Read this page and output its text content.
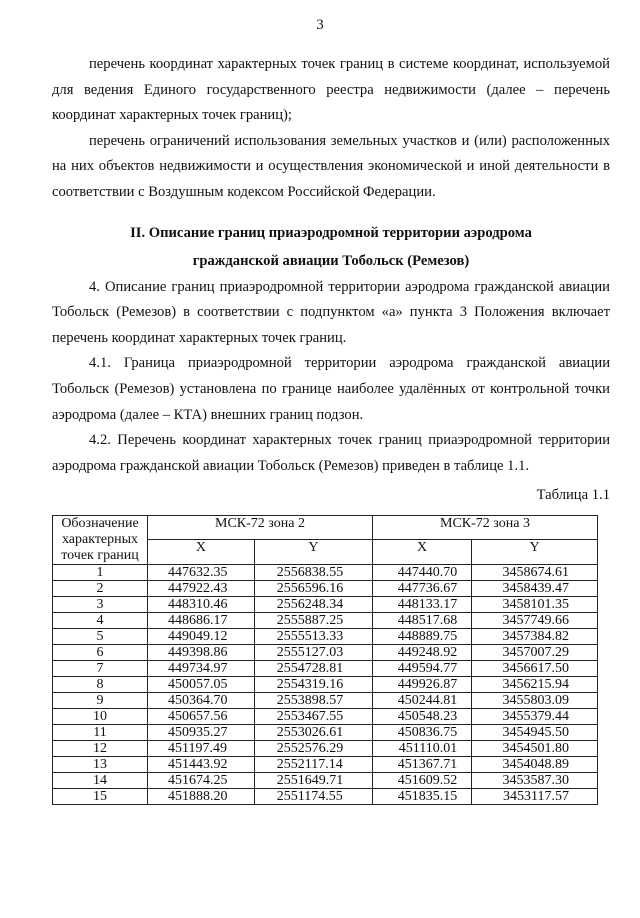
3

перечень координат характерных точек границ в системе координат, используемой для ведения Единого государственного реестра недвижимости (далее – перечень координат характерных точек границ);

перечень ограничений использования земельных участков и (или) расположенных на них объектов недвижимости и осуществления экономической и иной деятельности в соответствии с Воздушным кодексом Российской Федерации.

II. Описание границ приаэродромной территории аэродрома
гражданской авиации Тобольск (Ремезов)

4. Описание границ приаэродромной территории аэродрома гражданской авиации Тобольск (Ремезов) в соответствии с подпунктом «а» пункта 3 Положения включает перечень координат характерных точек границ.

4.1. Граница приаэродромной территории аэродрома гражданской авиации Тобольск (Ремезов) установлена по границе наиболее удалённых от контрольной точки аэродрома (далее – КТА) внешних границ подзон.

4.2. Перечень координат характерных точек границ приаэродромной территории аэродрома гражданской авиации Тобольск (Ремезов) приведен в таблице 1.1.

Таблица 1.1
Обозначение характерных точек границ	МСК-72 зона 2		МСК-72 зона 3	
	X	Y	X	Y
1	447632.35	2556838.55	447440.70	3458674.61
2	447922.43	2556596.16	447736.67	3458439.47
3	448310.46	2556248.34	448133.17	3458101.35
4	448686.17	2555887.25	448517.68	3457749.66
5	449049.12	2555513.33	448889.75	3457384.82
6	449398.86	2555127.03	449248.92	3457007.29
7	449734.97	2554728.81	449594.77	3456617.50
8	450057.05	2554319.16	449926.87	3456215.94
9	450364.70	2553898.57	450244.81	3455803.09
10	450657.56	2553467.55	450548.23	3455379.44
11	450935.27	2553026.61	450836.75	3454945.50
12	451197.49	2552576.29	451110.01	3454501.80
13	451443.92	2552117.14	451367.71	3454048.89
14	451674.25	2551649.71	451609.52	3453587.30
15	451888.20	2551174.55	451835.15	3453117.57
